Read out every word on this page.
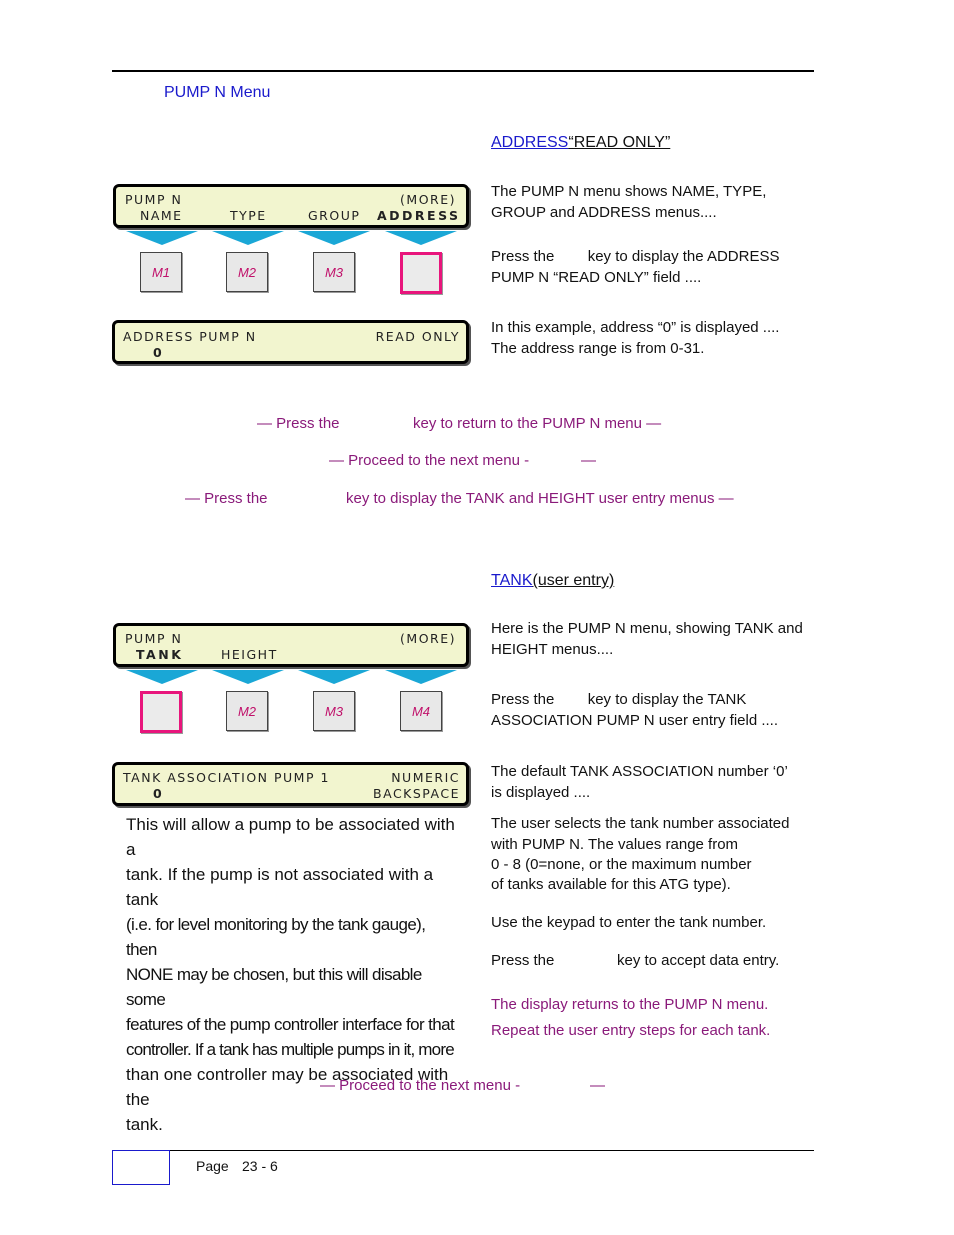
PUMP N Menu
ADDRESS“READ ONLY”
PUMP N	(MORE)
NAME	TYPE	GROUP ADDRESS
M1	M2	M3
ADDRESS PUMP N	READ ONLY
0
The PUMP N menu shows NAME, TYPE, GROUP and ADDRESS menus....
Press the        key to display the ADDRESS PUMP N “READ ONLY” field ....
In this example, address “0” is displayed ....
The address range is from 0-31.
— Press the	key to return to the PUMP N menu —
— Proceed to the next menu -	—
— Press the	key to display the TANK and HEIGHT user entry menus —
TANK(user entry)
PUMP N	(MORE)
TANK	HEIGHT
M2	M3	M4
TANK ASSOCIATION PUMP 1	NUMERIC
0	BACKSPACE
This will allow a pump to be associated with a
tank. If the pump is not associated with a tank
(i.e. for level monitoring by the tank gauge), then
NONE may be chosen, but this will disable some
features of the pump controller interface for that
controller. If a tank has multiple pumps in it, more
than one controller may be associated with the
tank.
Here is the PUMP N menu, showing TANK and HEIGHT menus....
Press the        key to display the TANK ASSOCIATION PUMP N user entry field ....
The default TANK ASSOCIATION number ‘0’ is displayed ....
The user selects the tank number associated
with PUMP N. The values range from
0 - 8 (0=none, or the maximum number
of tanks available for this ATG type).
Use the keypad to enter the tank number.
Press the	key to accept data entry.
The display returns to the PUMP N menu.
Repeat the user entry steps for each tank.
— Proceed to the next menu -	—
Page 23 - 6
